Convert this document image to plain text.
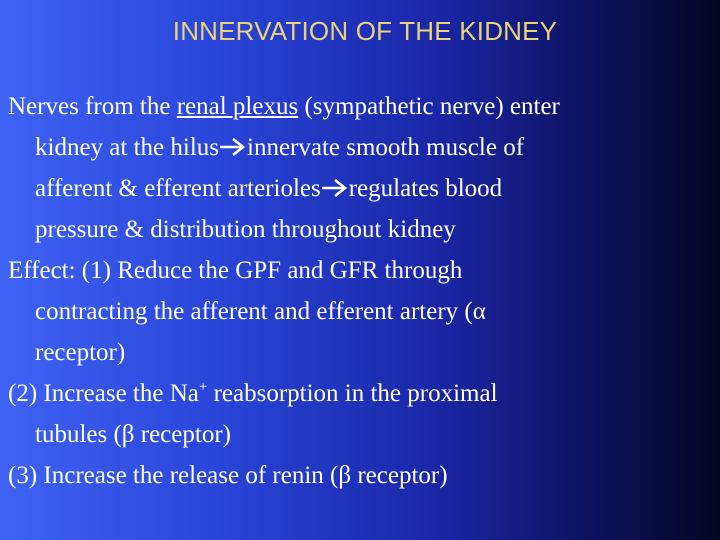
INNERVATION OF THE KIDNEY

Nerves from the renal plexus (sympathetic nerve) enter
kidney at the hilus innervate smooth muscle of
afferent & efferent arterioles regulates blood
pressure & distribution throughout kidney

Effect: (1) Reduce the GPF and GFR through
contracting the afferent and efferent artery (α
receptor)

(2) Increase the Na+ reabsorption in the proximal
tubules (β receptor)

(3) Increase the release of renin (β receptor)
